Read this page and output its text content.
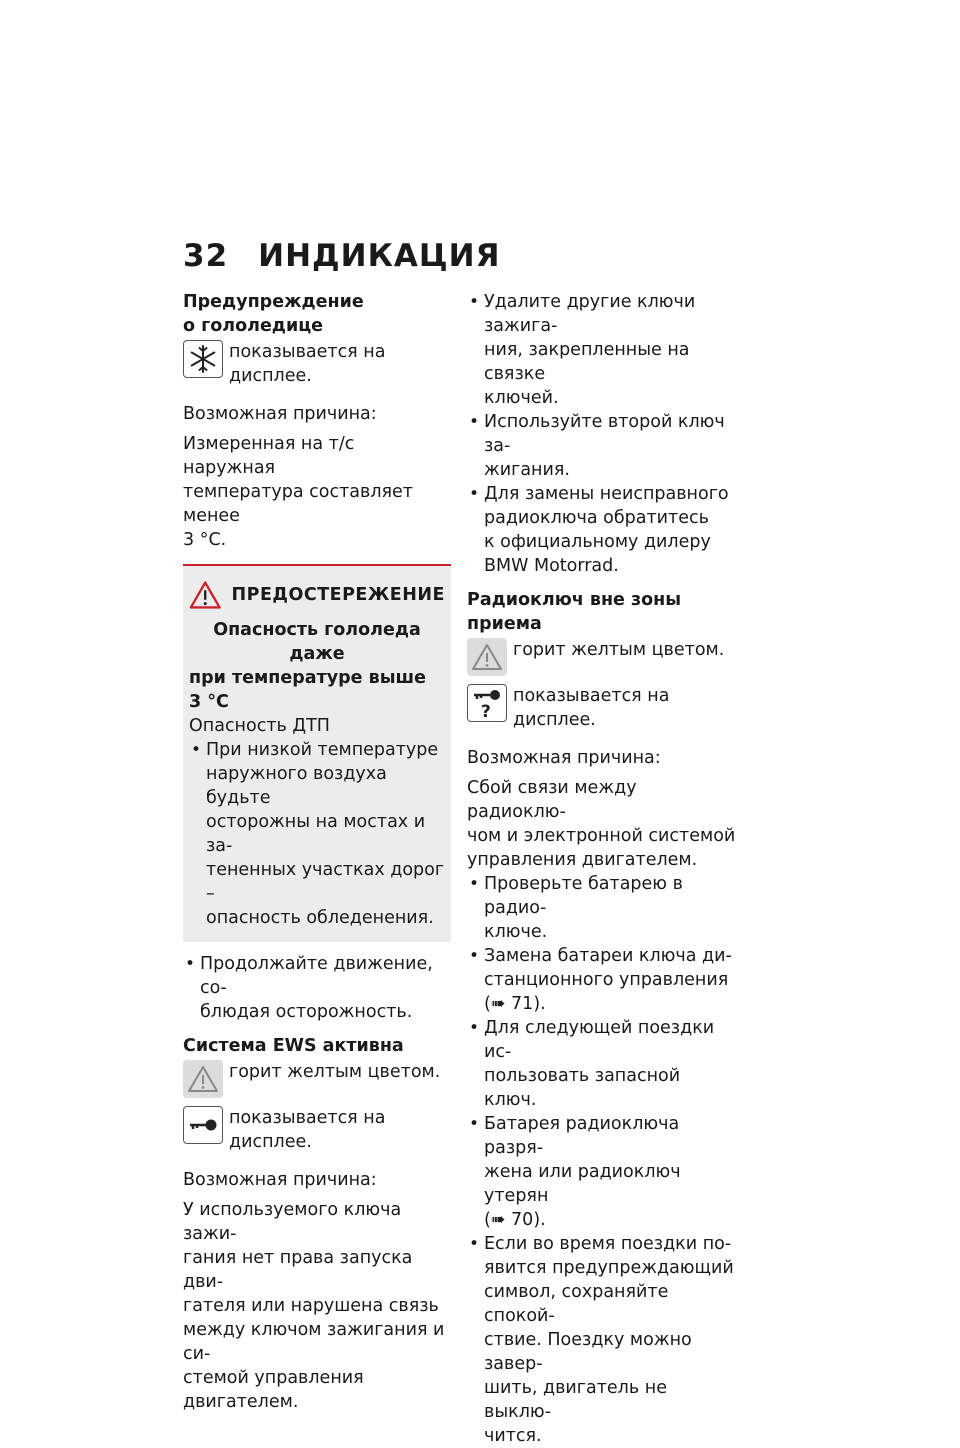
32 ИНДИКАЦИЯ
Предупреждение
о гололедице
показывается на дисплее.

Возможная причина:

Измеренная на т/с наружная

температура составляет менее

3 °C.

ПРЕДОСТЕРЕЖЕНИЕ
Опасность гололеда даже
при температуре выше
3 °C
Опасность ДТП
• При низкой температуре
наружного воздуха будьте
осторожны на мостах и за-
тененных участках дорог –
опасность обледенения.
• Продолжайте движение, со-
блюдая осторожность.
Система EWS активна
горит желтым цветом.
показывается на дисплее.

Возможная причина:

У используемого ключа зажи-

гания нет права запуска дви-

гателя или нарушена связь

между ключом зажигания и си-

стемой управления двигателем.

• Удалите другие ключи зажига-
ния, закрепленные на связке
ключей.
• Используйте второй ключ за-
жигания.
• Для замены неисправного
радиоключа обратитесь
к официальному дилеру
BMW Motorrad.
Радиоключ вне зоны
приема
горит желтым цветом.
?
показывается на дисплее.

Возможная причина:

Сбой связи между радиоклю-

чом и электронной системой

управления двигателем.

• Проверьте батарею в радио-
ключе.
• Замена батареи ключа ди-
станционного управления
(➠ 71).
• Для следующей поездки ис-
пользовать запасной ключ.
• Батарея радиоключа разря-
жена или радиоключ утерян
(➠ 70).
• Если во время поездки по-
явится предупреждающий
символ, сохраняйте спокой-
ствие. Поездку можно завер-
шить, двигатель не выклю-
чится.
